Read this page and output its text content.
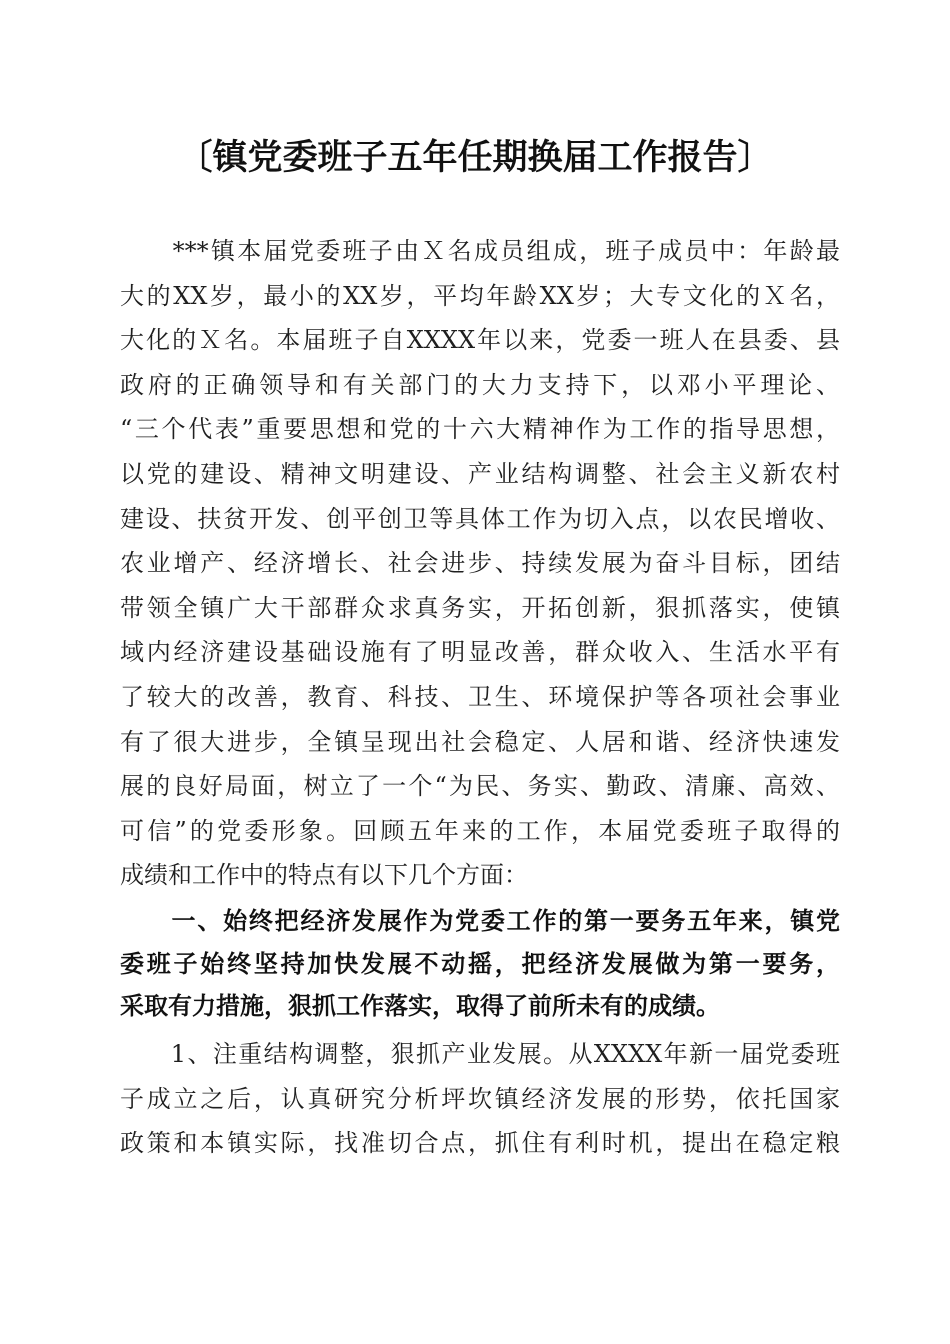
〔镇党委班子五年任期换届工作报告〕
　　***镇本届党委班子由Ｘ名成员组成，班子成员中：年龄最
大的XX岁，最小的XX岁，平均年龄XX岁；大专文化的Ｘ名，
大化的Ｘ名。本届班子自XXXX年以来，党委一班人在县委、县
政府的正确领导和有关部门的大力支持下，以邓小平理论、
“三个代表”重要思想和党的十六大精神作为工作的指导思想，
以党的建设、精神文明建设、产业结构调整、社会主义新农村
建设、扶贫开发、创平创卫等具体工作为切入点，以农民增收、
农业增产、经济增长、社会进步、持续发展为奋斗目标，团结
带领全镇广大干部群众求真务实，开拓创新，狠抓落实，使镇
域内经济建设基础设施有了明显改善，群众收入、生活水平有
了较大的改善，教育、科技、卫生、环境保护等各项社会事业
有了很大进步，全镇呈现出社会稳定、人居和谐、经济快速发
展的良好局面，树立了一个“为民、务实、勤政、清廉、高效、
可信”的党委形象。回顾五年来的工作，本届党委班子取得的
成绩和工作中的特点有以下几个方面：
　　一、始终把经济发展作为党委工作的第一要务五年来，镇党
委班子始终坚持加快发展不动摇，把经济发展做为第一要务，
采取有力措施，狠抓工作落实，取得了前所未有的成绩。
　　1、注重结构调整，狠抓产业发展。从XXXX年新一届党委班
子成立之后，认真研究分析坪坎镇经济发展的形势，依托国家
政策和本镇实际，找准切合点，抓住有利时机，提出在稳定粮
